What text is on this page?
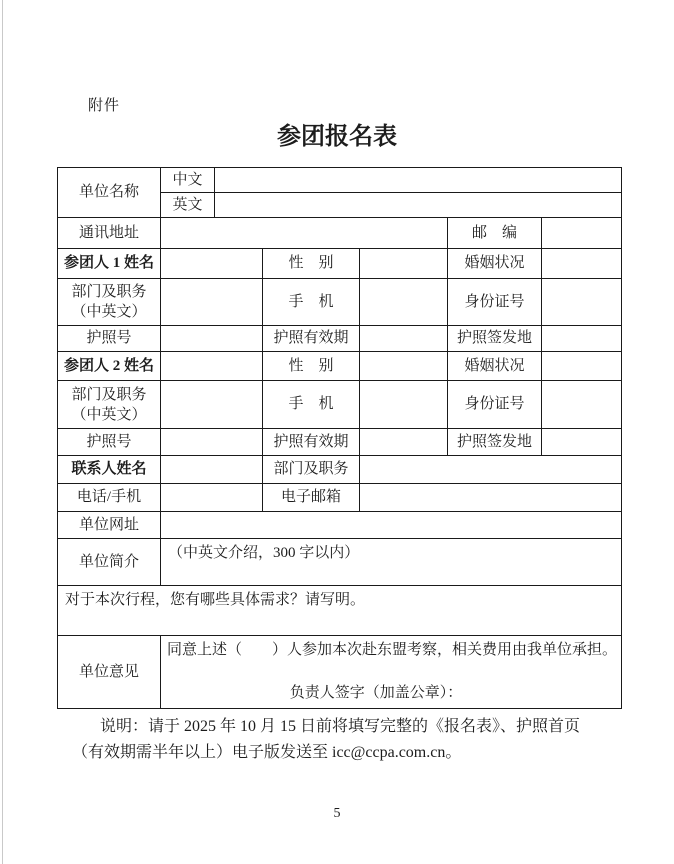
附件
参团报名表
单位名称	中文					
	英文					
通讯地址					邮　编	
参团人 1 姓名			性　别		婚姻状况	

部门及职务
（中英文）			手　机		身份证号	
护照号			护照有效期		护照签发地	
参团人 2 姓名			性　别		婚姻状况	

部门及职务
（中英文）			手　机		身份证号	
护照号			护照有效期		护照签发地	
联系人姓名			部门及职务			
电话/手机			电子邮箱			
单位网址						
单位简介	（中英文介绍，300 字以内）					
对于本次行程，您有哪些具体需求？请写明。						
单位意见	同意上述（　　）人参加本次赴东盟考察，相关费用由我单位承担。
负责人签字（加盖公章）：					
说明：请于 2025 年 10 月 15 日前将填写完整的《报名表》、护照首页
（有效期需半年以上）电子版发送至 icc@ccpa.com.cn。
5
